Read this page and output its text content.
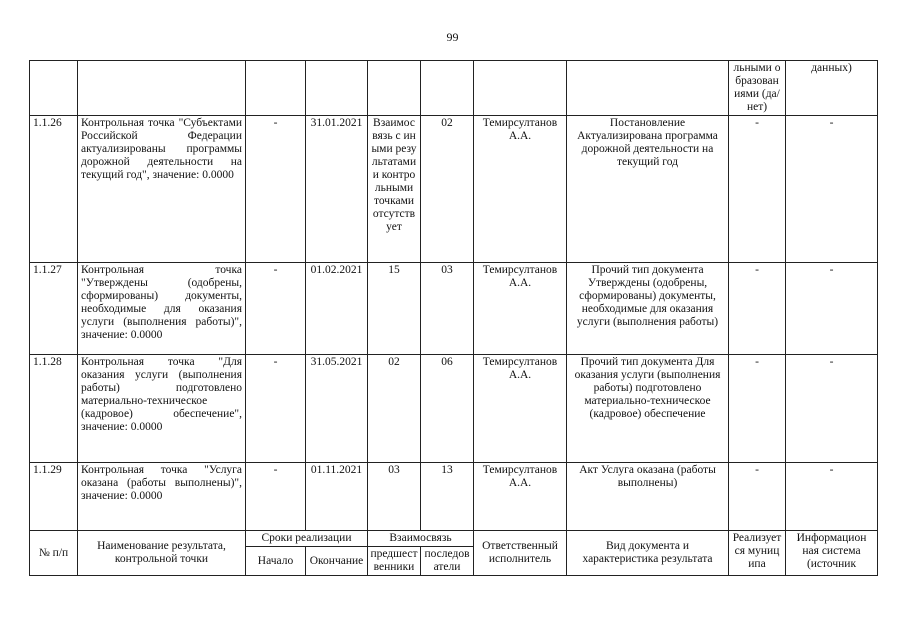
99
								льными образован иями (да/нет)	данных)
1.1.26	Контрольная точка "Субъектами Российской Федерации актуализированы программы дорожной деятельности на текущий год", значение: 0.0000	-	31.01.2021	Взаимосвязь с иными результатами и контрольными точками отсутствует	02	Темирсултанов А.А.	Постановление Актуализирована программа дорожной деятельности на текущий год	-	-
1.1.27	Контрольная точка "Утверждены (одобрены, сформированы) документы, необходимые для оказания услуги (выполнения работы)", значение: 0.0000	-	01.02.2021	15	03	Темирсултанов А.А.	Прочий тип документа Утверждены (одобрены, сформированы) документы, необходимые для оказания услуги (выполнения работы)	-	-
1.1.28	Контрольная точка "Для оказания услуги (выполнения работы) подготовлено материально-техническое (кадровое) обеспечение", значение: 0.0000	-	31.05.2021	02	06	Темирсултанов А.А.	Прочий тип документа Для оказания услуги (выполнения работы) подготовлено материально-техническое (кадровое) обеспечение	-	-
1.1.29	Контрольная точка "Услуга оказана (работы выполнены)", значение: 0.0000	-	01.11.2021	03	13	Темирсултанов А.А.	Акт Услуга оказана (работы выполнены)	-	-
№ п/п	Наименование результата, контрольной точки	Сроки реализации		Взаимосвязь		Ответственный исполнитель	Вид документа и характеристика результата	Реализуется муниципа	Информацион ная система (источник
		Начало	Окончание	предшест венники	последов атели				
